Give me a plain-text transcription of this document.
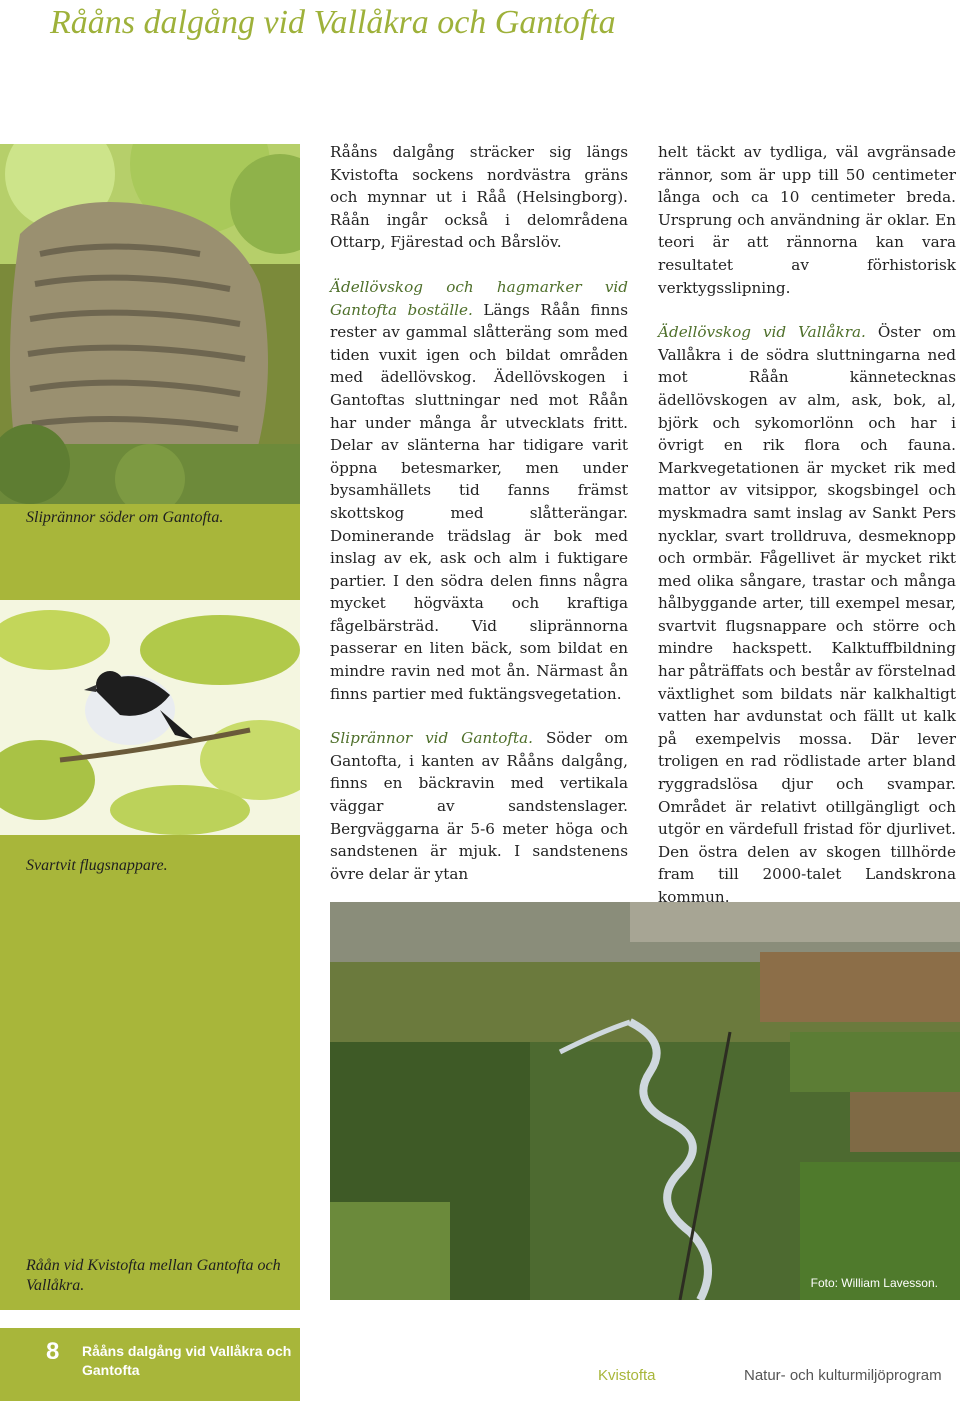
Rååns dalgång vid Vallåkra och Gantofta
Sliprännor söder om Gantofta.
Svartvit flugsnappare.
Foto: William Lavesson.
Råån vid Kvistofta mellan Gantofta och Vallåkra.

Rååns dalgång sträcker sig längs Kvistofta sockens nordvästra gräns och mynnar ut i Råå (Helsingborg). Råån ingår också i delområdena Ottarp, Fjärestad och Bårslöv.

Ädellövskog och hagmarker vid Gantofta boställe. Längs Råån finns rester av gammal slåtteräng som med tiden vuxit igen och bildat områden med ädellövskog. Ädellövskogen i Gantoftas sluttningar ned mot Råån har under många år utvecklats fritt. Delar av slänterna har tidigare varit öppna betesmarker, men under bysamhällets tid fanns främst skottskog med slåtterängar. Dominerande trädslag är bok med inslag av ek, ask och alm i fuktigare partier. I den södra delen finns några mycket högväxta och kraftiga fågelbärsträd. Vid sliprännorna passerar en liten bäck, som bildat en mindre ravin ned mot ån. Närmast ån finns partier med fuktängsvegetation.

Sliprännor vid Gantofta. Söder om Gantofta, i kanten av Rååns dalgång, finns en bäckravin med vertikala väggar av sandstenslager. Bergväggarna är 5-6 meter höga och sandstenen är mjuk. I sandstenens övre delar är ytan

helt täckt av tydliga, väl avgränsade rännor, som är upp till 50 centimeter långa och ca 10 centimeter breda. Ursprung och användning är oklar. En teori är att rännorna kan vara resultatet av förhistorisk verktygsslipning.

Ädellövskog vid Vallåkra. Öster om Vallåkra i de södra sluttningarna ned mot Råån kännetecknas ädellövskogen av alm, ask, bok, al, björk och sykomorlönn och har i övrigt en rik flora och fauna. Markvegetationen är mycket rik med mattor av vitsippor, skogsbingel och myskmadra samt inslag av Sankt Pers nycklar, svart trolldruva, desmeknopp och ormbär. Fågellivet är mycket rikt med olika sångare, trastar och många hålbyggande arter, till exempel mesar, svartvit flugsnappare och större och mindre hackspett. Kalktuffbildning har påträffats och består av förstelnad växtlighet som bildats när kalkhaltigt vatten har avdunstat och fällt ut kalk på exempelvis mossa. Där lever troligen en rad rödlistade arter bland ryggradslösa djur och svampar. Området är relativt otillgängligt och utgör en värdefull fristad för djurlivet. Den östra delen av skogen tillhörde fram till 2000-talet Landskrona kommun.

8 Rååns dalgång vid Vallåkra och Gantofta	Kvistofta	Natur- och kulturmiljöprogram
